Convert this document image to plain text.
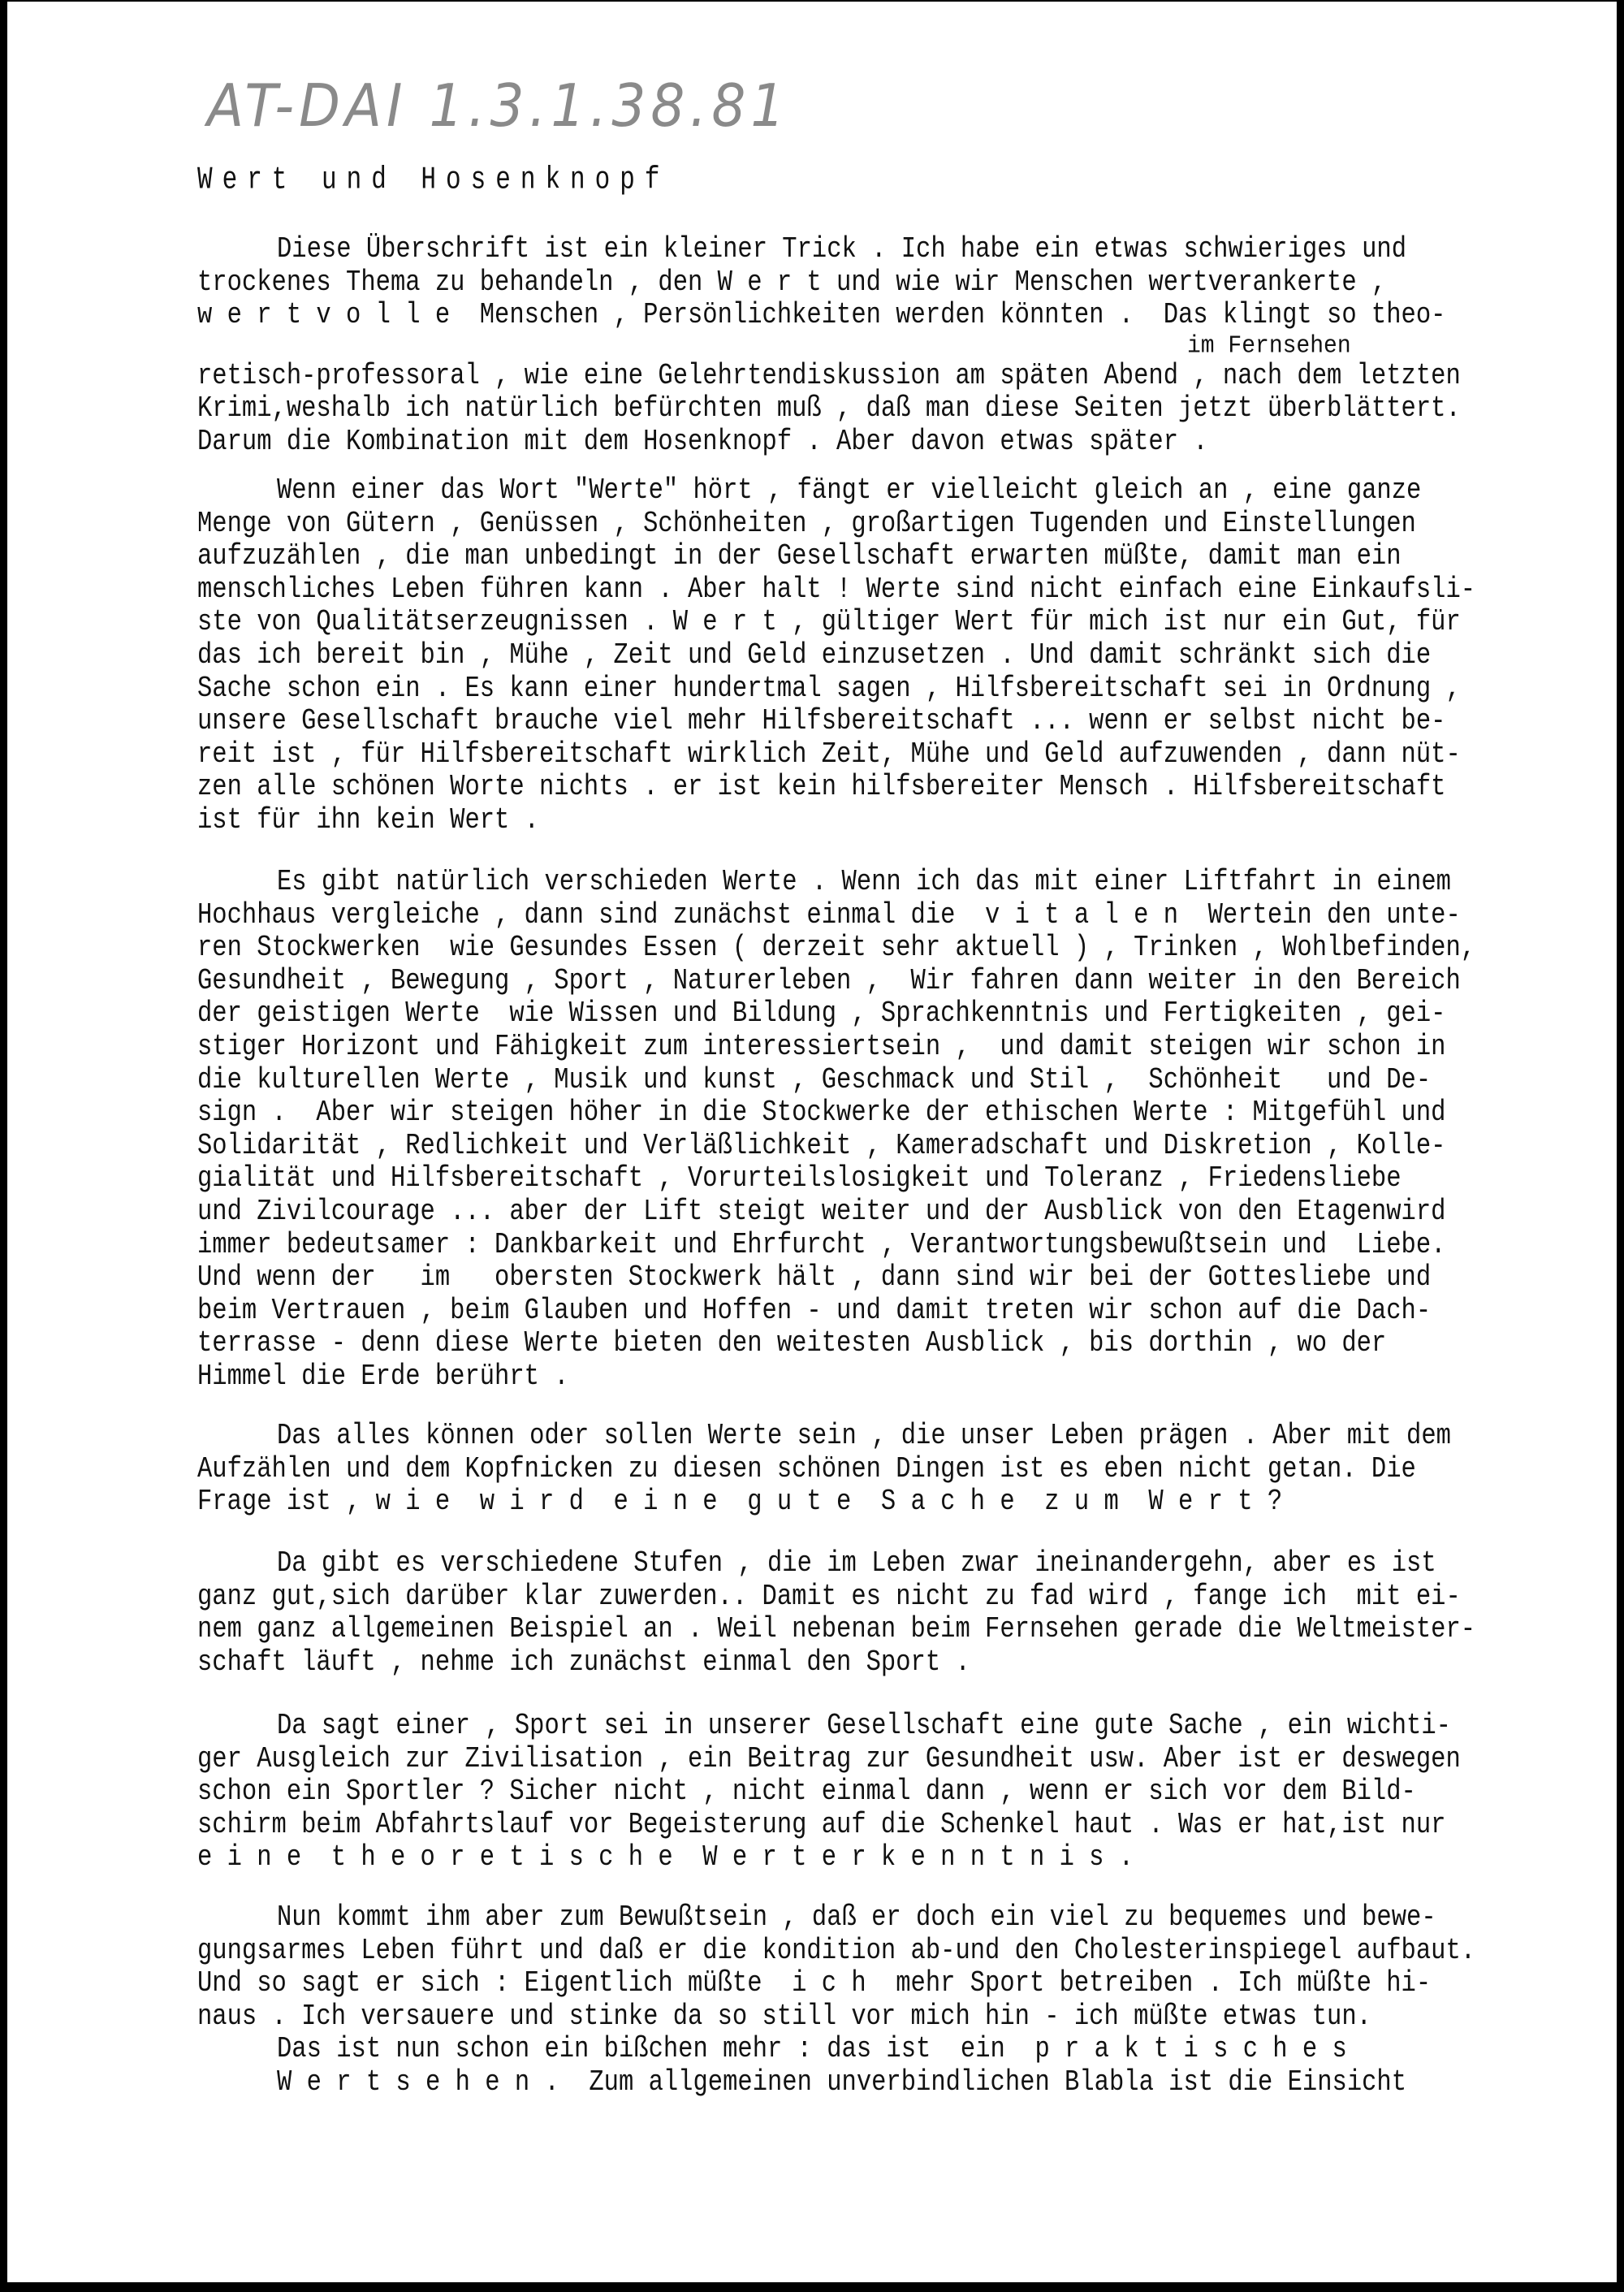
AT-DAI 1.3.1.38.81
Wert und Hosenknopf
Diese Überschrift ist ein kleiner Trick . Ich habe ein etwas schwieriges und
trockenes Thema zu behandeln , den W e r t und wie wir Menschen wertverankerte ,
w e r t v o l l e  Menschen , Persönlichkeiten werden könnten .  Das klingt so theo-
im Fernsehen
retisch-professoral , wie eine Gelehrtendiskussion am späten Abend , nach dem letzten
Krimi,weshalb ich natürlich befürchten muß , daß man diese Seiten jetzt überblättert.
Darum die Kombination mit dem Hosenknopf . Aber davon etwas später .
Wenn einer das Wort "Werte" hört , fängt er vielleicht gleich an , eine ganze
Menge von Gütern , Genüssen , Schönheiten , großartigen Tugenden und Einstellungen
aufzuzählen , die man unbedingt in der Gesellschaft erwarten müßte, damit man ein
menschliches Leben führen kann . Aber halt ! Werte sind nicht einfach eine Einkaufsli-
ste von Qualitätserzeugnissen . W e r t , gültiger Wert für mich ist nur ein Gut, für
das ich bereit bin , Mühe , Zeit und Geld einzusetzen . Und damit schränkt sich die
Sache schon ein . Es kann einer hundertmal sagen , Hilfsbereitschaft sei in Ordnung ,
unsere Gesellschaft brauche viel mehr Hilfsbereitschaft ... wenn er selbst nicht be-
reit ist , für Hilfsbereitschaft wirklich Zeit, Mühe und Geld aufzuwenden , dann nüt-
zen alle schönen Worte nichts . er ist kein hilfsbereiter Mensch . Hilfsbereitschaft
ist für ihn kein Wert .
Es gibt natürlich verschieden Werte . Wenn ich das mit einer Liftfahrt in einem
Hochhaus vergleiche , dann sind zunächst einmal die  v i t a l e n  Wertein den unte-
ren Stockwerken  wie Gesundes Essen ( derzeit sehr aktuell ) , Trinken , Wohlbefinden,
Gesundheit , Bewegung , Sport , Naturerleben ,  Wir fahren dann weiter in den Bereich
der geistigen Werte  wie Wissen und Bildung , Sprachkenntnis und Fertigkeiten , gei-
stiger Horizont und Fähigkeit zum interessiertsein ,  und damit steigen wir schon in
die kulturellen Werte , Musik und kunst , Geschmack und Stil ,  Schönheit   und De-
sign .  Aber wir steigen höher in die Stockwerke der ethischen Werte : Mitgefühl und
Solidarität , Redlichkeit und Verläßlichkeit , Kameradschaft und Diskretion , Kolle-
gialität und Hilfsbereitschaft , Vorurteilslosigkeit und Toleranz , Friedensliebe
und Zivilcourage ... aber der Lift steigt weiter und der Ausblick von den Etagenwird
immer bedeutsamer : Dankbarkeit und Ehrfurcht , Verantwortungsbewußtsein und  Liebe.
Und wenn der   im   obersten Stockwerk hält , dann sind wir bei der Gottesliebe und
beim Vertrauen , beim Glauben und Hoffen - und damit treten wir schon auf die Dach-
terrasse - denn diese Werte bieten den weitesten Ausblick , bis dorthin , wo der
Himmel die Erde berührt .
Das alles können oder sollen Werte sein , die unser Leben prägen . Aber mit dem
Aufzählen und dem Kopfnicken zu diesen schönen Dingen ist es eben nicht getan. Die
Frage ist , w i e  w i r d  e i n e  g u t e  S a c h e  z u m  W e r t ?
Da gibt es verschiedene Stufen , die im Leben zwar ineinandergehn, aber es ist
ganz gut,sich darüber klar zuwerden.. Damit es nicht zu fad wird , fange ich  mit ei-
nem ganz allgemeinen Beispiel an . Weil nebenan beim Fernsehen gerade die Weltmeister-
schaft läuft , nehme ich zunächst einmal den Sport .
Da sagt einer , Sport sei in unserer Gesellschaft eine gute Sache , ein wichti-
ger Ausgleich zur Zivilisation , ein Beitrag zur Gesundheit usw. Aber ist er deswegen
schon ein Sportler ? Sicher nicht , nicht einmal dann , wenn er sich vor dem Bild-
schirm beim Abfahrtslauf vor Begeisterung auf die Schenkel haut . Was er hat,ist nur
e i n e  t h e o r e t i s c h e  W e r t e r k e n n t n i s .
Nun kommt ihm aber zum Bewußtsein , daß er doch ein viel zu bequemes und bewe-
gungsarmes Leben führt und daß er die kondition ab-und den Cholesterinspiegel aufbaut.
Und so sagt er sich : Eigentlich müßte  i c h  mehr Sport betreiben . Ich müßte hi-
naus . Ich versauere und stinke da so still vor mich hin - ich müßte etwas tun.
Das ist nun schon ein bißchen mehr : das ist  ein  p r a k t i s c h e s
W e r t s e h e n .  Zum allgemeinen unverbindlichen Blabla ist die Einsicht
